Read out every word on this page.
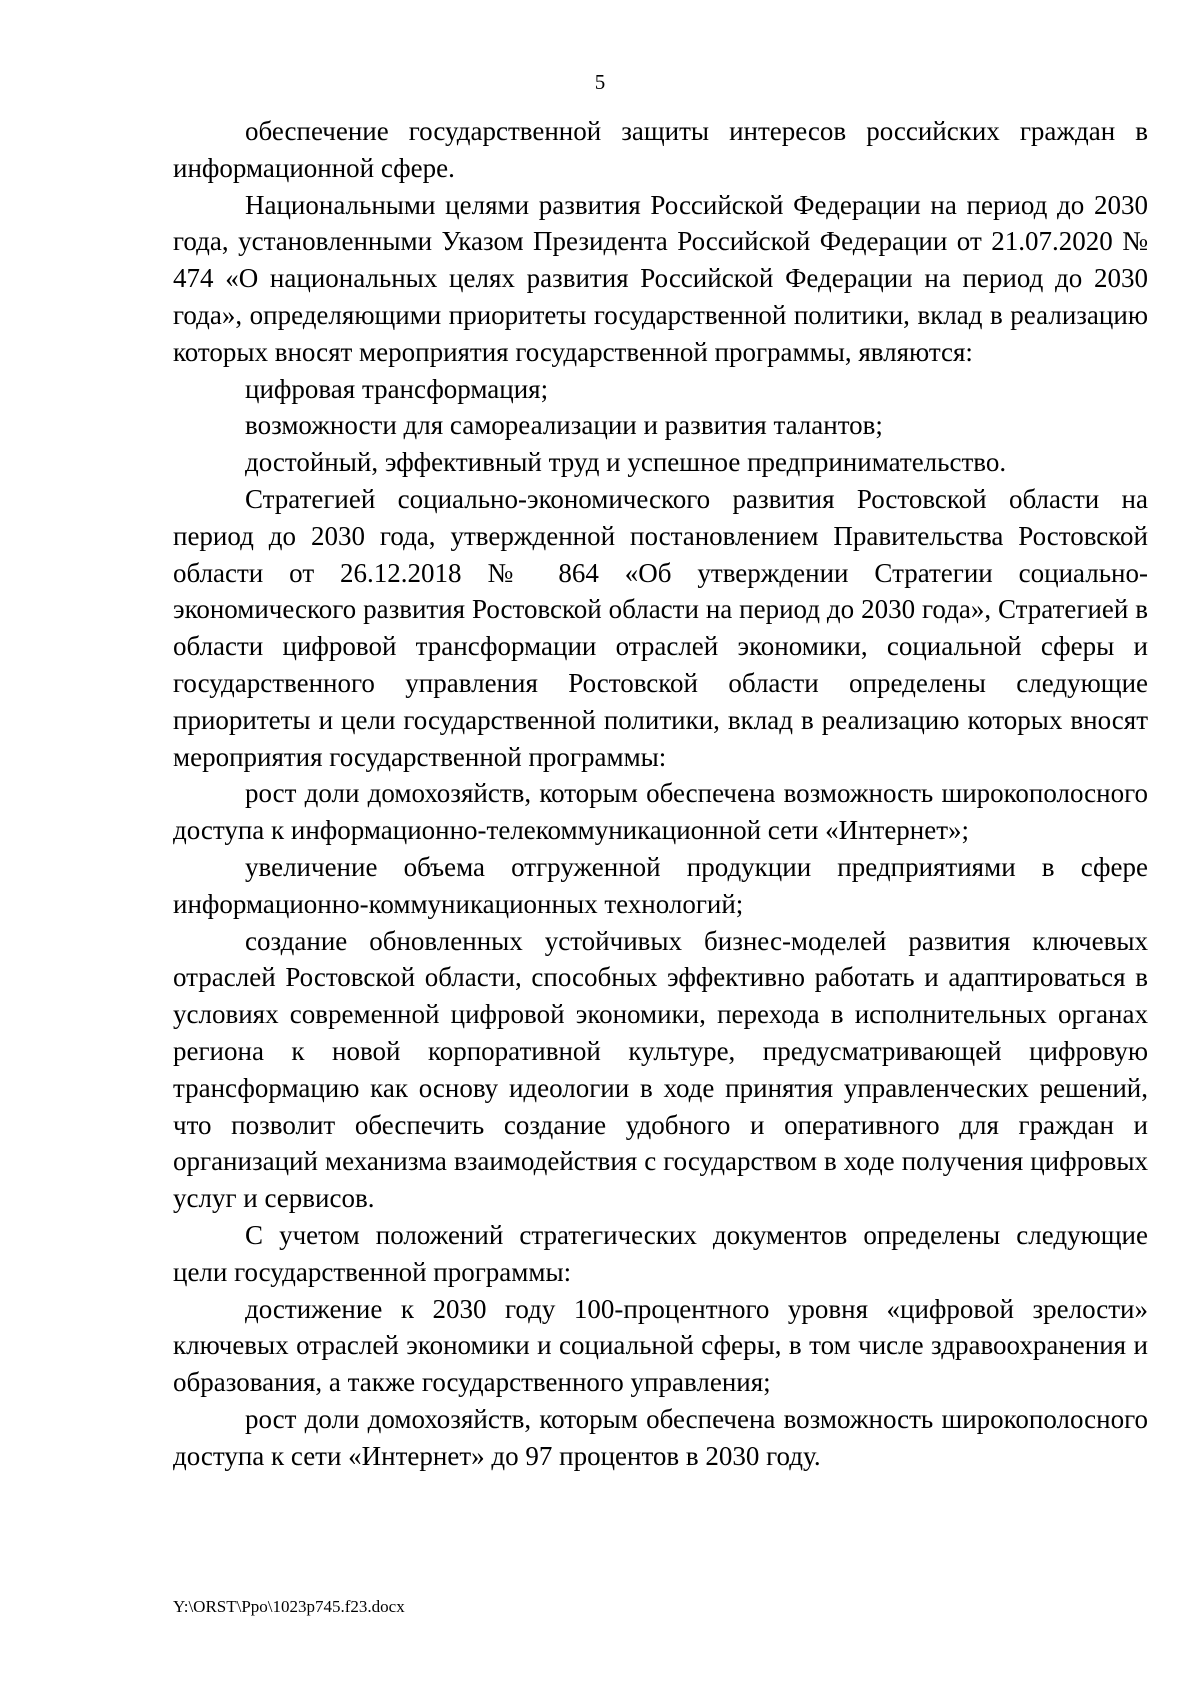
5

обеспечение государственной защиты интересов российских граждан в информационной сфере.

Национальными целями развития Российской Федерации на период до 2030 года, установленными Указом Президента Российской Федерации от 21.07.2020 № 474 «О национальных целях развития Российской Федерации на период до 2030 года», определяющими приоритеты государственной политики, вклад в реализацию которых вносят мероприятия государственной программы, являются:

цифровая трансформация;

возможности для самореализации и развития талантов;

достойный, эффективный труд и успешное предпринимательство.

Стратегией социально-экономического развития Ростовской области на период до 2030 года, утвержденной постановлением Правительства Ростовской области от 26.12.2018 № 864 «Об утверждении Стратегии социально-экономического развития Ростовской области на период до 2030 года», Стратегией в области цифровой трансформации отраслей экономики, социальной сферы и государственного управления Ростовской области определены следующие приоритеты и цели государственной политики, вклад в реализацию которых вносят мероприятия государственной программы:

рост доли домохозяйств, которым обеспечена возможность широкополосного доступа к информационно-телекоммуникационной сети «Интернет»;

увеличение объема отгруженной продукции предприятиями в сфере информационно-коммуникационных технологий;

создание обновленных устойчивых бизнес-моделей развития ключевых отраслей Ростовской области, способных эффективно работать и адаптироваться в условиях современной цифровой экономики, перехода в исполнительных органах региона к новой корпоративной культуре, предусматривающей цифровую трансформацию как основу идеологии в ходе принятия управленческих решений, что позволит обеспечить создание удобного и оперативного для граждан и организаций механизма взаимодействия с государством в ходе получения цифровых услуг и сервисов.

С учетом положений стратегических документов определены следующие цели государственной программы:

достижение к 2030 году 100-процентного уровня «цифровой зрелости» ключевых отраслей экономики и социальной сферы, в том числе здравоохранения и образования, а также государственного управления;

рост доли домохозяйств, которым обеспечена возможность широкополосного доступа к сети «Интернет» до 97 процентов в 2030 году.

Y:\ORST\Ppo\1023p745.f23.docx
